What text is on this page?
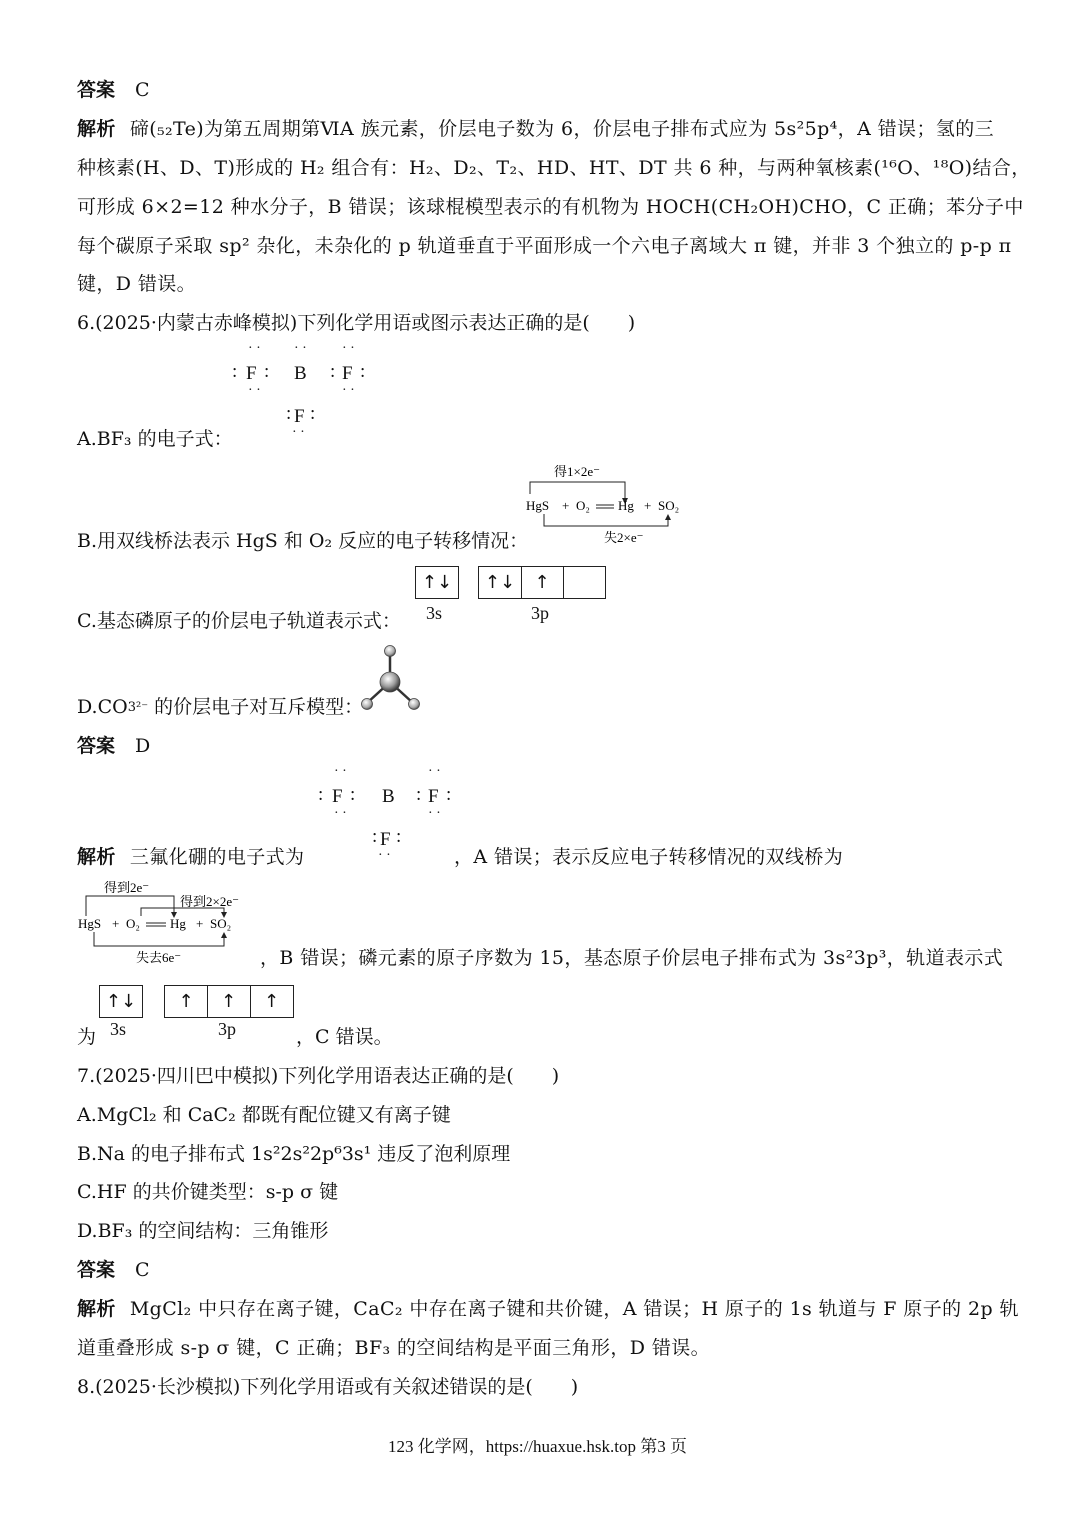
答案 C
解析 碲(₅₂Te)为第五周期第ⅥA 族元素，价层电子数为 6，价层电子排布式应为 5s²5p⁴，A 错误；氢的三
种核素(H、D、T)形成的 H₂ 组合有：H₂、D₂、T₂、HD、HT、DT 共 6 种，与两种氧核素(¹⁶O、¹⁸O)结合，
可形成 6×2=12 种水分子，B 错误；该球棍模型表示的有机物为 HOCH(CH₂OH)CHO，C 正确；苯分子中
每个碳原子采取 sp² 杂化，未杂化的 p 轨道垂直于平面形成一个六电子离域大 π 键，并非 3 个独立的 p-p π
键，D 错误。
6.(2025·内蒙古赤峰模拟)下列化学用语或图示表达正确的是(　　)
· · · ·	· ·
: F : B : F :
· ·	· ·
: F :
· ·
A.BF₃ 的电子式：
得1×2e⁻
HgS + O₂ Hg + SO₂
失2×e⁻
B.用双线桥法表示 HgS 和 O₂ 反应的电子转移情况：
↑↓	↑↓	↑
3s	3p
C.基态磷原子的价层电子轨道表示式：
D.CO3²⁻ 的价层电子对互斥模型：
答案 D
· ·	· ·
: F : B : F :
· ·	· ·
: F :
· ·
解析 三氟化硼的电子式为	，A 错误；表示反应电子转移情况的双线桥为
得到2e⁻
得到2×2e⁻
HgS + O₂ Hg + SO₂
失去6e⁻	，B 错误；磷元素的原子序数为 15，基态原子价层电子排布式为 3s²3p³，轨道表示式
↑↓	↑	↑	↑
为 3s	3p	，C 错误。
7.(2025·四川巴中模拟)下列化学用语表达正确的是(　　)
A.MgCl₂ 和 CaC₂ 都既有配位键又有离子键
B.Na 的电子排布式 1s²2s²2p⁶3s¹ 违反了泡利原理
C.HF 的共价键类型：s-p σ 键
D.BF₃ 的空间结构：三角锥形
答案 C
解析 MgCl₂ 中只存在离子键，CaC₂ 中存在离子键和共价键，A 错误；H 原子的 1s 轨道与 F 原子的 2p 轨
道重叠形成 s-p σ 键，C 正确；BF₃ 的空间结构是平面三角形，D 错误。
8.(2025·长沙模拟)下列化学用语或有关叙述错误的是(　　)
123 化学网，https://huaxue.hsk.top 第3 页
